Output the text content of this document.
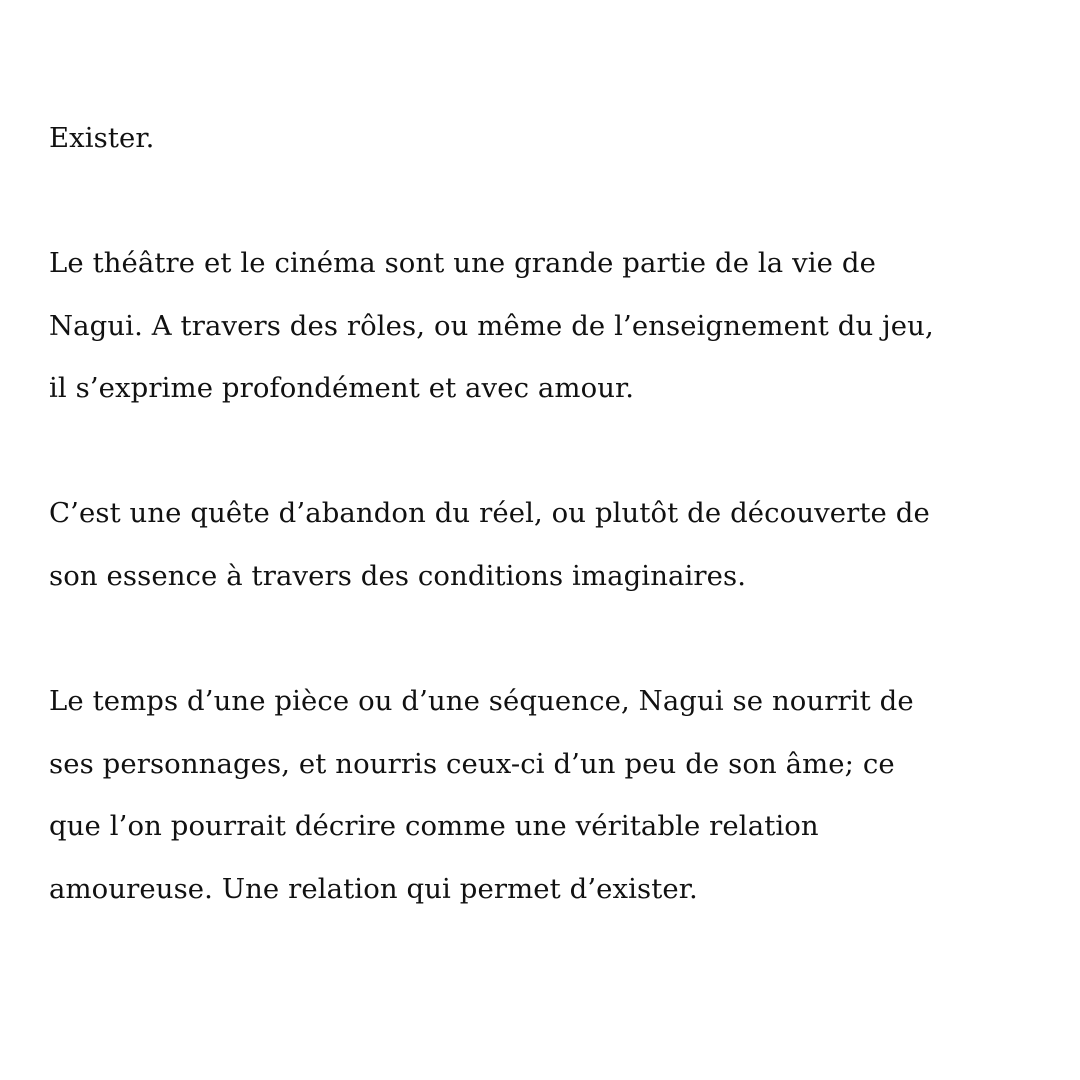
Exister.

Le théâtre et le cinéma sont une grande partie de la vie de

Nagui. A travers des rôles, ou même de l’enseignement du jeu,

il s’exprime profondément et avec amour.

C’est une quête d’abandon du réel, ou plutôt de découverte de

son essence à travers des conditions imaginaires.

Le temps d’une pièce ou d’une séquence, Nagui se nourrit de

ses personnages, et nourris ceux-ci d’un peu de son âme; ce

que l’on pourrait décrire comme une véritable relation

amoureuse. Une relation qui permet d’exister.
